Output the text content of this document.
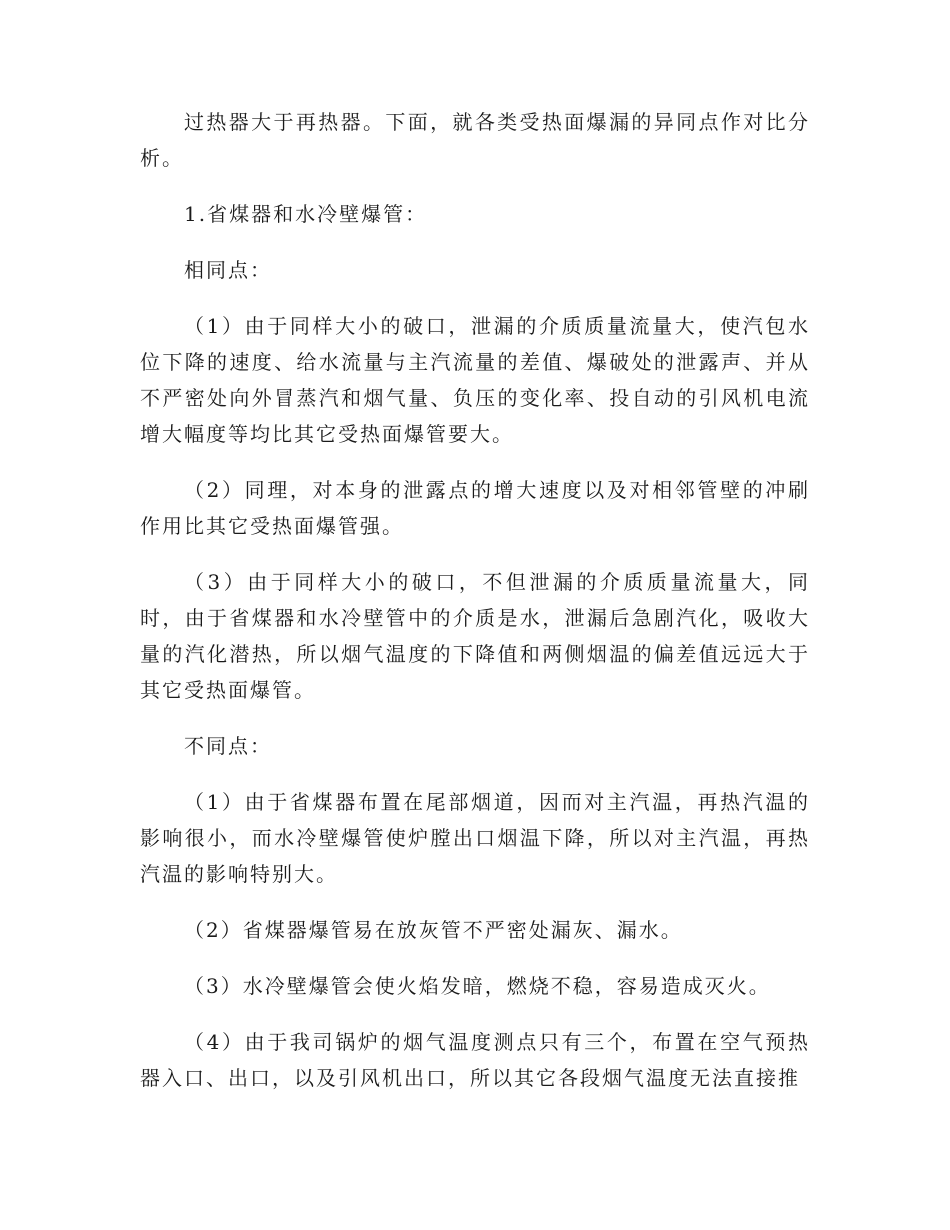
过热器大于再热器。下面，就各类受热面爆漏的异同点作对比分析。

1.省煤器和水冷壁爆管：

相同点：

（1）由于同样大小的破口，泄漏的介质质量流量大，使汽包水位下降的速度、给水流量与主汽流量的差值、爆破处的泄露声、并从不严密处向外冒蒸汽和烟气量、负压的变化率、投自动的引风机电流增大幅度等均比其它受热面爆管要大。

（2）同理，对本身的泄露点的增大速度以及对相邻管壁的冲刷作用比其它受热面爆管强。

（3）由于同样大小的破口，不但泄漏的介质质量流量大，同时，由于省煤器和水冷壁管中的介质是水，泄漏后急剧汽化，吸收大量的汽化潜热，所以烟气温度的下降值和两侧烟温的偏差值远远大于其它受热面爆管。

不同点：

（1）由于省煤器布置在尾部烟道，因而对主汽温，再热汽温的影响很小，而水冷壁爆管使炉膛出口烟温下降，所以对主汽温，再热汽温的影响特别大。

（2）省煤器爆管易在放灰管不严密处漏灰、漏水。

（3）水冷壁爆管会使火焰发暗，燃烧不稳，容易造成灭火。

（4）由于我司锅炉的烟气温度测点只有三个，布置在空气预热器入口、出口，以及引风机出口，所以其它各段烟气温度无法直接推
